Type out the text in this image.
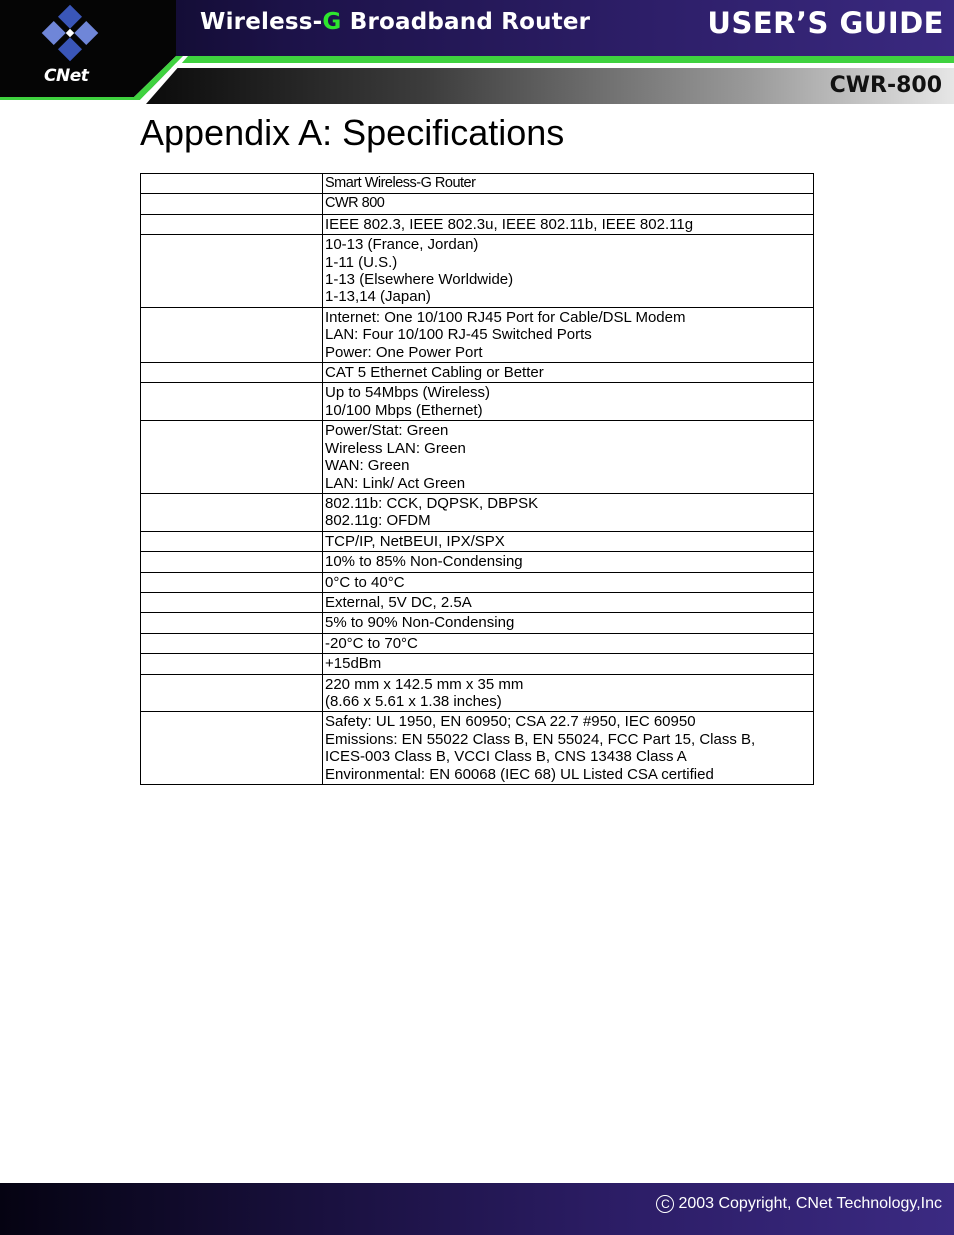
Wireless-G Broadband Router	USER’S GUIDE
CWR-800
CNet
Appendix A: Specifications
	Smart Wireless-G Router
	CWR 800
	IEEE 802.3, IEEE 802.3u, IEEE 802.11b, IEEE 802.11g
	10-13 (France, Jordan)
1-11 (U.S.)
1-13 (Elsewhere Worldwide)
1-13,14 (Japan)
	Internet: One 10/100 RJ45 Port for Cable/DSL Modem
LAN: Four 10/100 RJ-45 Switched Ports
Power: One Power Port
	CAT 5 Ethernet Cabling or Better
	Up to 54Mbps (Wireless)
10/100 Mbps (Ethernet)
	Power/Stat: Green
Wireless LAN: Green
WAN: Green
LAN: Link/ Act Green
	802.11b: CCK, DQPSK, DBPSK
802.11g: OFDM
	TCP/IP, NetBEUI, IPX/SPX
	10% to 85% Non-Condensing
	0°C to 40°C
	External, 5V DC, 2.5A
	5% to 90% Non-Condensing
	-20°C to 70°C
	+15dBm
	220 mm x 142.5 mm x 35 mm
(8.66 x 5.61 x 1.38 inches)
	Safety: UL 1950, EN 60950; CSA 22.7 #950, IEC 60950
Emissions: EN 55022 Class B, EN 55024, FCC Part 15, Class B,
ICES-003 Class B, VCCI Class B, CNS 13438 Class A
Environmental: EN 60068 (IEC 68) UL Listed CSA certified
C 2003 Copyright, CNet Technology,Inc
